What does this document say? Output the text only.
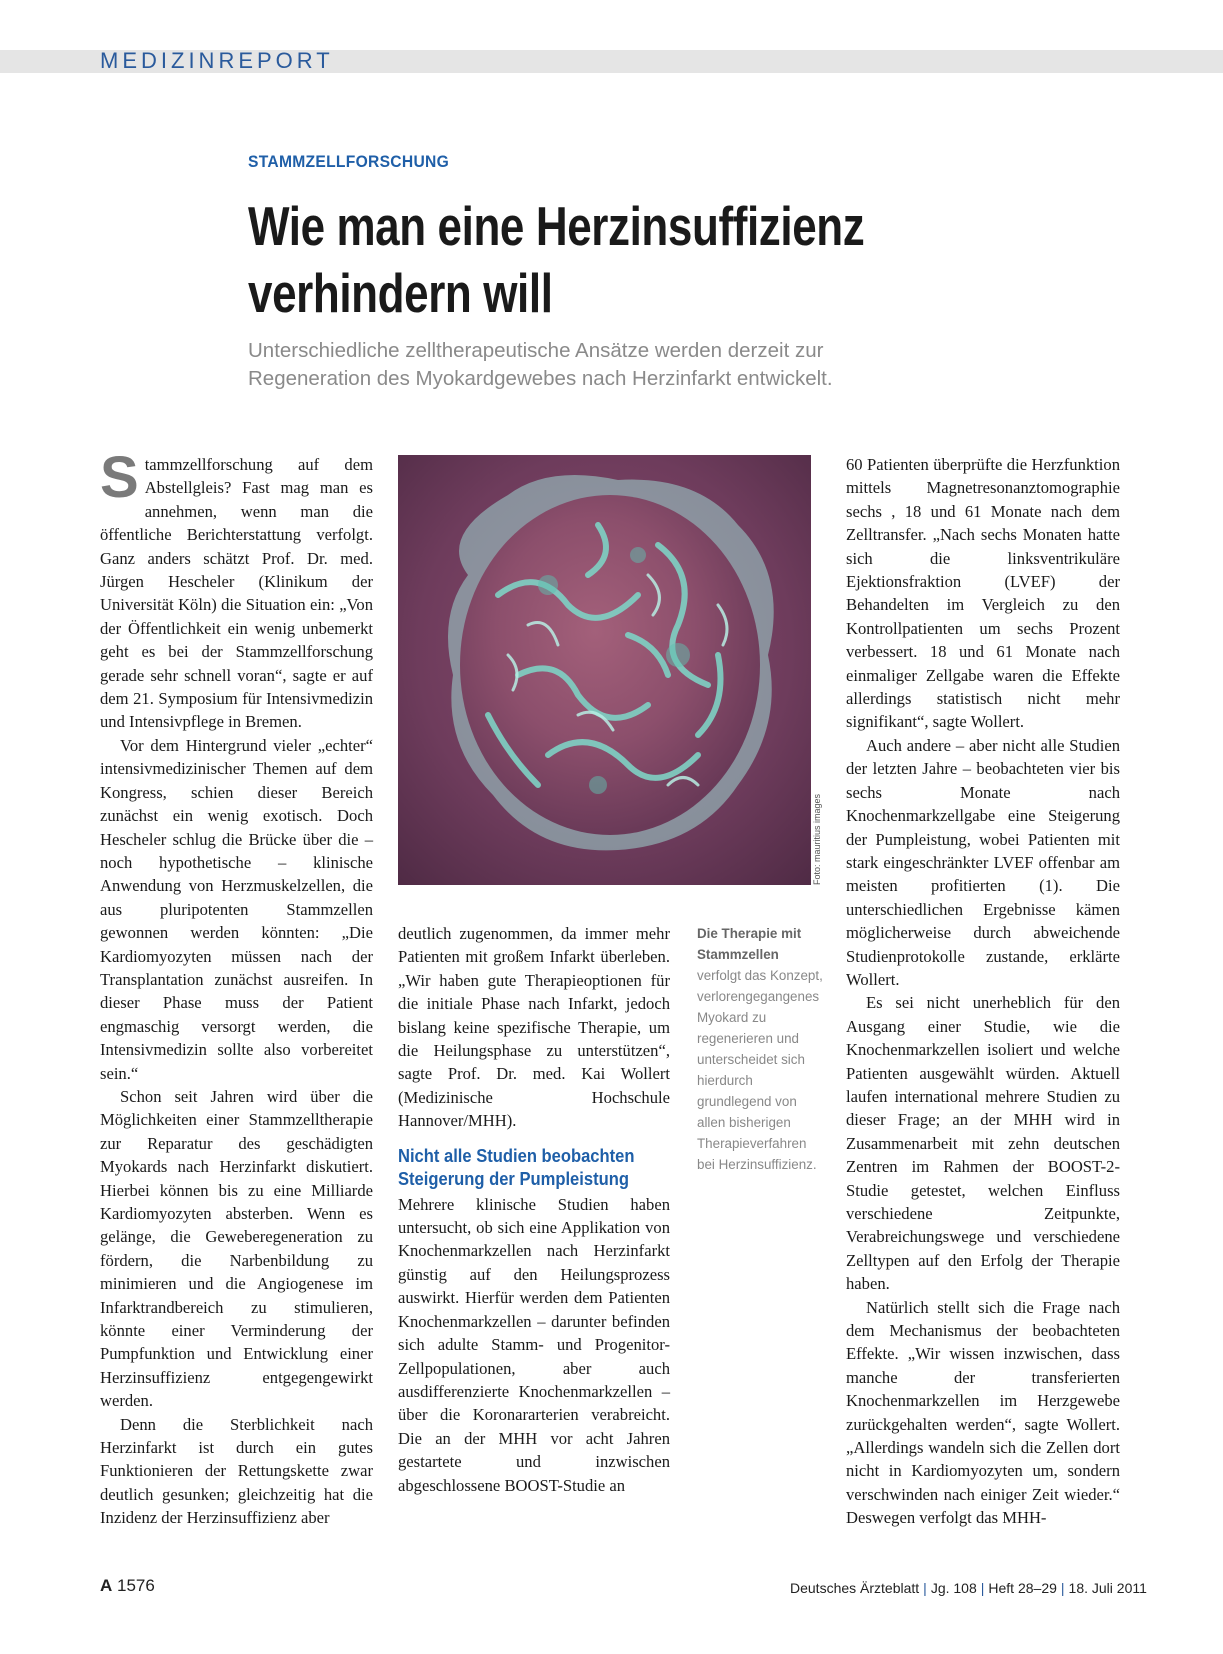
MEDIZINREPORT
STAMMZELLFORSCHUNG
Wie man eine Herzinsuffizienz
verhindern will
Unterschiedliche zelltherapeutische Ansätze werden derzeit zur
Regeneration des Myokardgewebes nach Herzinfarkt entwickelt.

Stammzellforschung auf dem Abstellgleis? Fast mag man es annehmen, wenn man die öffentliche Berichterstattung verfolgt. Ganz anders schätzt Prof. Dr. med. Jürgen Hescheler (Klinikum der Universität Köln) die Situation ein: „Von der Öffentlichkeit ein wenig unbemerkt geht es bei der Stammzellforschung gerade sehr schnell voran“, sagte er auf dem 21. Symposium für Intensivmedizin und Intensivpflege in Bremen.

Vor dem Hintergrund vieler „echter“ intensivmedizinischer Themen auf dem Kongress, schien dieser Bereich zunächst ein wenig exotisch. Doch Hescheler schlug die Brücke über die – noch hypothetische – klinische Anwendung von Herzmuskelzellen, die aus pluripotenten Stammzellen gewonnen werden könnten: „Die Kardiomyozyten müssen nach der Transplantation zunächst ausreifen. In dieser Phase muss der Patient engmaschig versorgt werden, die Intensivmedizin sollte also vorbereitet sein.“

Schon seit Jahren wird über die Möglichkeiten einer Stammzelltherapie zur Reparatur des geschädigten Myokards nach Herzinfarkt diskutiert. Hierbei können bis zu eine Milliarde Kardiomyozyten absterben. Wenn es gelänge, die Geweberegeneration zu fördern, die Narbenbildung zu minimieren und die Angiogenese im Infarktrandbereich zu stimulieren, könnte einer Verminderung der Pumpfunktion und Entwicklung einer Herzinsuffizienz entgegengewirkt werden.

Denn die Sterblichkeit nach Herzinfarkt ist durch ein gutes Funktionieren der Rettungskette zwar deutlich gesunken; gleichzeitig hat die Inzidenz der Herzinsuffizienz aber

Foto: mauritius images

deutlich zugenommen, da immer mehr Patienten mit großem Infarkt überleben. „Wir haben gute Therapieoptionen für die initiale Phase nach Infarkt, jedoch bislang keine spezifische Therapie, um die Heilungsphase zu unterstützen“, sagte Prof. Dr. med. Kai Wollert (Medizinische Hochschule Hannover/MHH).

Nicht alle Studien beobachten
Steigerung der Pumpleistung

Mehrere klinische Studien haben untersucht, ob sich eine Applikation von Knochenmarkzellen nach Herzinfarkt günstig auf den Heilungsprozess auswirkt. Hierfür werden dem Patienten Knochenmarkzellen – darunter befinden sich adulte Stamm- und Progenitor-Zellpopulationen, aber auch ausdifferenzierte Knochenmarkzellen – über die Koronararterien verabreicht. Die an der MHH vor acht Jahren gestartete und inzwischen abgeschlossene BOOST-Studie an

Die Therapie mit Stammzellen verfolgt das Konzept, verlorengegangenes Myokard zu regenerieren und unterscheidet sich hierdurch grundlegend von allen bisherigen Therapieverfahren bei Herzinsuffizienz.

60 Patienten überprüfte die Herzfunktion mittels Magnetresonanztomographie sechs , 18 und 61 Monate nach dem Zelltransfer. „Nach sechs Monaten hatte sich die linksventrikuläre Ejektionsfraktion (LVEF) der Behandelten im Vergleich zu den Kontrollpatienten um sechs Prozent verbessert. 18 und 61 Monate nach einmaliger Zellgabe waren die Effekte allerdings statistisch nicht mehr signifikant“, sagte Wollert.

Auch andere – aber nicht alle Studien der letzten Jahre – beobachteten vier bis sechs Monate nach Knochenmarkzellgabe eine Steigerung der Pumpleistung, wobei Patienten mit stark eingeschränkter LVEF offenbar am meisten profitierten (1). Die unterschiedlichen Ergebnisse kämen möglicherweise durch abweichende Studienprotokolle zustande, erklärte Wollert.

Es sei nicht unerheblich für den Ausgang einer Studie, wie die Knochenmarkzellen isoliert und welche Patienten ausgewählt würden. Aktuell laufen international mehrere Studien zu dieser Frage; an der MHH wird in Zusammenarbeit mit zehn deutschen Zentren im Rahmen der BOOST-2-Studie getestet, welchen Einfluss verschiedene Zeitpunkte, Verabreichungswege und verschiedene Zelltypen auf den Erfolg der Therapie haben.

Natürlich stellt sich die Frage nach dem Mechanismus der beobachteten Effekte. „Wir wissen inzwischen, dass manche der transferierten Knochenmarkzellen im Herzgewebe zurückgehalten werden“, sagte Wollert. „Allerdings wandeln sich die Zellen dort nicht in Kardiomyozyten um, sondern verschwinden nach einiger Zeit wieder.“ Deswegen verfolgt das MHH-

A 1576	Deutsches Ärzteblatt | Jg. 108 | Heft 28–29 | 18. Juli 2011
